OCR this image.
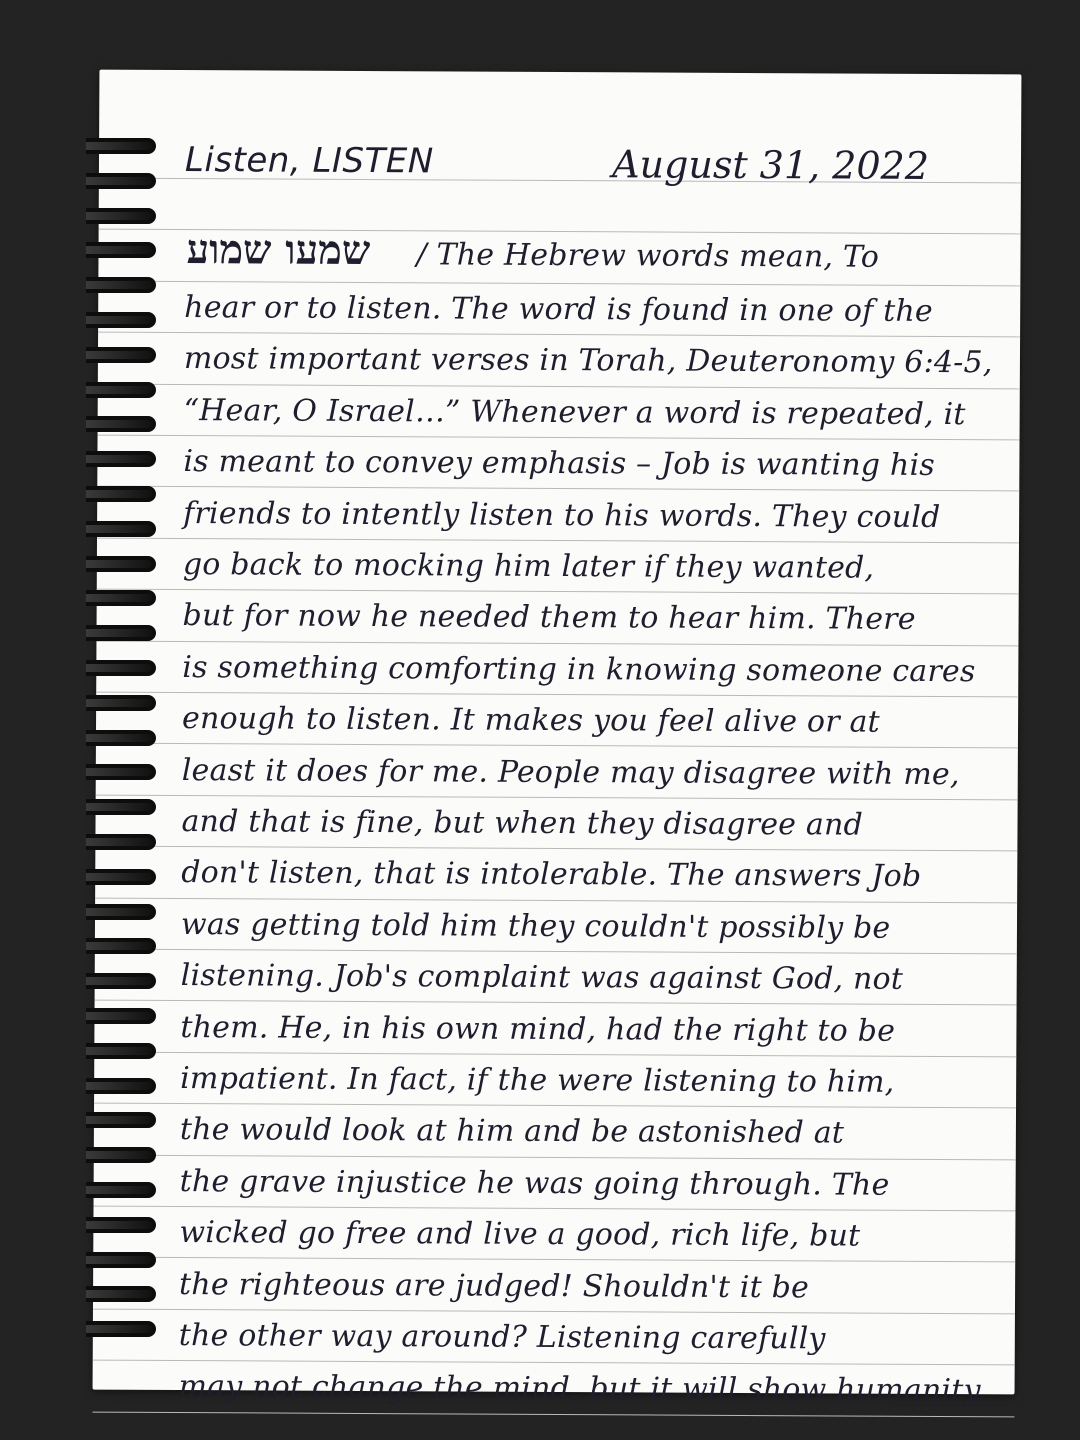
Listen, LISTEN	August 31, 2022
שמעו שמוע / The Hebrew words mean, To
hear or to listen. The word is found in one of the
most important verses in Torah, Deuteronomy 6:4-5,
“Hear, O Israel…” Whenever a word is repeated, it
is meant to convey emphasis – Job is wanting his
friends to intently listen to his words. They could
go back to mocking him later if they wanted,
but for now he needed them to hear him. There
is something comforting in knowing someone cares
enough to listen. It makes you feel alive or at
least it does for me. People may disagree with me,
and that is fine, but when they disagree and
don't listen, that is intolerable. The answers Job
was getting told him they couldn't possibly be
listening. Job's complaint was against God, not
them. He, in his own mind, had the right to be
impatient. In fact, if the were listening to him,
the would look at him and be astonished at
the grave injustice he was going through. The
wicked go free and live a good, rich life, but
the righteous are judged! Shouldn't it be
the other way around? Listening carefully
may not change the mind, but it will show humanity.
